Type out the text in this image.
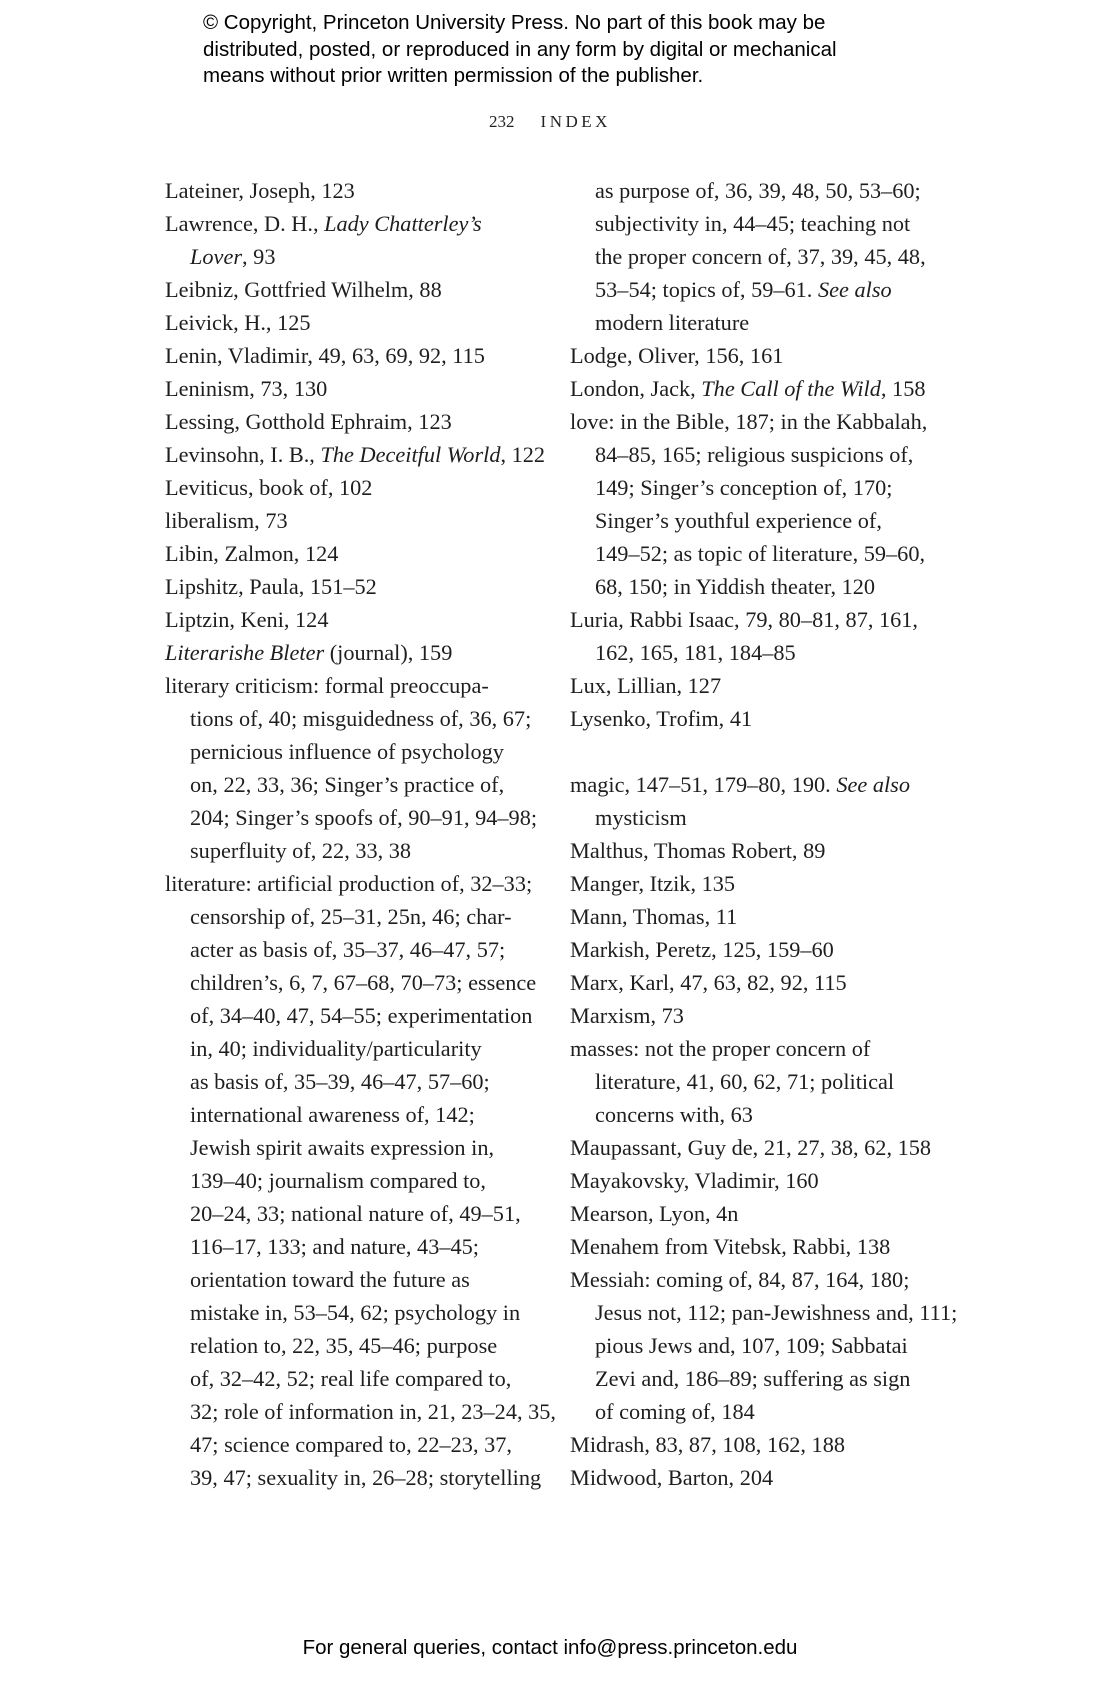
© Copyright, Princeton University Press. No part of this book may be
distributed, posted, or reproduced in any form by digital or mechanical
means without prior written permission of the publisher.
232 INDEX
Lateiner, Joseph, 123
Lawrence, D. H., Lady Chatterley’s
Lover, 93
Leibniz, Gottfried Wilhelm, 88
Leivick, H., 125
Lenin, Vladimir, 49, 63, 69, 92, 115
Leninism, 73, 130
Lessing, Gotthold Ephraim, 123
Levinsohn, I. B., The Deceitful World, 122
Leviticus, book of, 102
liberalism, 73
Libin, Zalmon, 124
Lipshitz, Paula, 151–52
Liptzin, Keni, 124
Literarishe Bleter (journal), 159
literary criticism: formal preoccupa-
tions of, 40; misguidedness of, 36, 67;
pernicious influence of psychology
on, 22, 33, 36; Singer’s practice of,
204; Singer’s spoofs of, 90–91, 94–98;
superfluity of, 22, 33, 38
literature: artificial production of, 32–33;
censorship of, 25–31, 25n, 46; char-
acter as basis of, 35–37, 46–47, 57;
children’s, 6, 7, 67–68, 70–73; essence
of, 34–40, 47, 54–55; experimentation
in, 40; individuality/particularity
as basis of, 35–39, 46–47, 57–60;
international awareness of, 142;
Jewish spirit awaits expression in,
139–40; journalism compared to,
20–24, 33; national nature of, 49–51,
116–17, 133; and nature, 43–45;
orientation toward the future as
mistake in, 53–54, 62; psychology in
relation to, 22, 35, 45–46; purpose
of, 32–42, 52; real life compared to,
32; role of information in, 21, 23–24, 35,
47; science compared to, 22–23, 37,
39, 47; sexuality in, 26–28; storytelling
as purpose of, 36, 39, 48, 50, 53–60;
subjectivity in, 44–45; teaching not
the proper concern of, 37, 39, 45, 48,
53–54; topics of, 59–61. See also
modern literature
Lodge, Oliver, 156, 161
London, Jack, The Call of the Wild, 158
love: in the Bible, 187; in the Kabbalah,
84–85, 165; religious suspicions of,
149; Singer’s conception of, 170;
Singer’s youthful experience of,
149–52; as topic of literature, 59–60,
68, 150; in Yiddish theater, 120
Luria, Rabbi Isaac, 79, 80–81, 87, 161,
162, 165, 181, 184–85
Lux, Lillian, 127
Lysenko, Trofim, 41
magic, 147–51, 179–80, 190. See also
mysticism
Malthus, Thomas Robert, 89
Manger, Itzik, 135
Mann, Thomas, 11
Markish, Peretz, 125, 159–60
Marx, Karl, 47, 63, 82, 92, 115
Marxism, 73
masses: not the proper concern of
literature, 41, 60, 62, 71; political
concerns with, 63
Maupassant, Guy de, 21, 27, 38, 62, 158
Mayakovsky, Vladimir, 160
Mearson, Lyon, 4n
Menahem from Vitebsk, Rabbi, 138
Messiah: coming of, 84, 87, 164, 180;
Jesus not, 112; pan-Jewishness and, 111;
pious Jews and, 107, 109; Sabbatai
Zevi and, 186–89; suffering as sign
of coming of, 184
Midrash, 83, 87, 108, 162, 188
Midwood, Barton, 204
For general queries, contact info@press.princeton.edu
